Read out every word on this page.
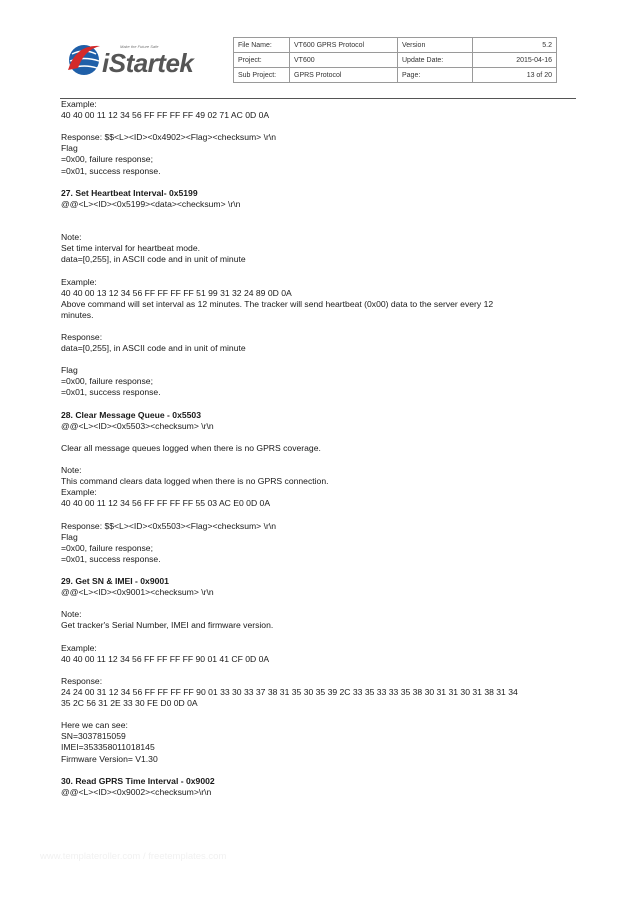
Make the Future Safe
iStartek
File Name:	VT600 GPRS Protocol	Version	5.2
Project:	VT600	Update Date:	2015-04-16
Sub Project:	GPRS Protocol	Page:	13 of 20
Example:
40 40 00 11 12 34 56 FF FF FF FF 49 02 71 AC 0D 0A
Response: $$<L><ID><0x4902><Flag><checksum> \r\n
Flag
=0x00, failure response;
=0x01, success response.
27. Set Heartbeat Interval- 0x5199
@@<L><ID><0x5199><data><checksum> \r\n
Note:
Set time interval for heartbeat mode.
data=[0,255], in ASCII code and in unit of minute
Example:
40 40 00 13 12 34 56 FF FF FF FF 51 99 31 32 24 89 0D 0A
Above command will set interval as 12 minutes. The tracker will send heartbeat (0x00) data to the server every 12
minutes.
Response:
data=[0,255], in ASCII code and in unit of minute
Flag
=0x00, failure response;
=0x01, success response.
28. Clear Message Queue - 0x5503
@@<L><ID><0x5503><checksum> \r\n
Clear all message queues logged when there is no GPRS coverage.
Note:
This command clears data logged when there is no GPRS connection.
Example:
40 40 00 11 12 34 56 FF FF FF FF 55 03 AC E0 0D 0A
Response: $$<L><ID><0x5503><Flag><checksum> \r\n
Flag
=0x00, failure response;
=0x01, success response.
29. Get SN & IMEI - 0x9001
@@<L><ID><0x9001><checksum> \r\n
Note:
Get tracker's Serial Number, IMEI and firmware version.
Example:
40 40 00 11 12 34 56 FF FF FF FF 90 01 41 CF 0D 0A
Response:
24 24 00 31 12 34 56 FF FF FF FF 90 01 33 30 33 37 38 31 35 30 35 39 2C 33 35 33 33 35 38 30 31 31 30 31 38 31 34
35 2C 56 31 2E 33 30 FE D0 0D 0A
Here we can see:
SN=3037815059
IMEI=353358011018145
Firmware Version= V1.30
30. Read GPRS Time Interval - 0x9002
@@<L><ID><0x9002><checksum>\r\n
www.templateroller.com / freetemplates.com
